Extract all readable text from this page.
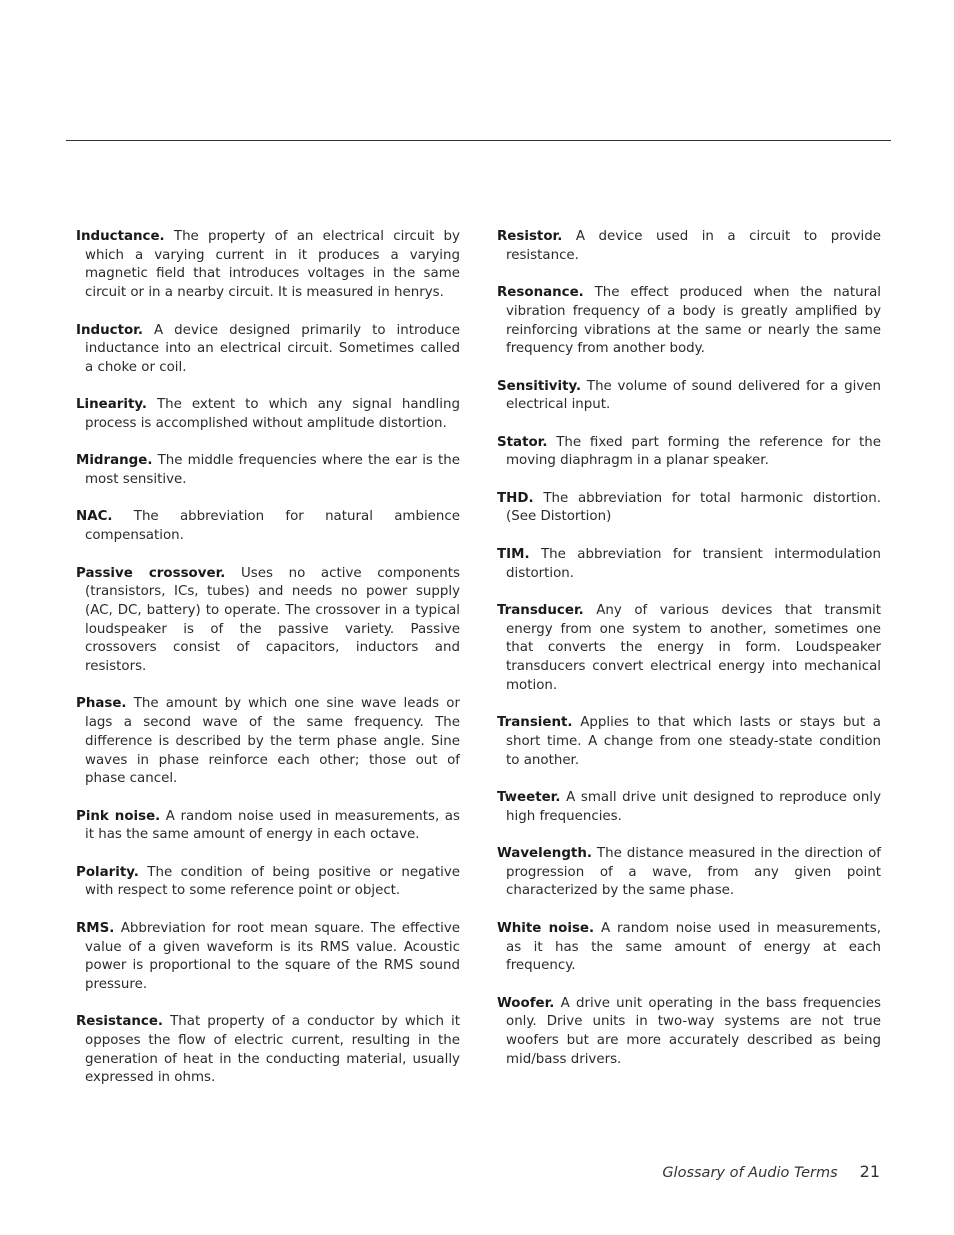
Inductance. The property of an electrical circuit by which a varying current in it produces a varying magnetic field that introduces voltages in the same circuit or in a nearby circuit. It is measured in henrys.

Inductor. A device designed primarily to introduce inductance into an electrical circuit. Sometimes called a choke or coil.

Linearity. The extent to which any signal handling process is accomplished without amplitude distortion.

Midrange. The middle frequencies where the ear is the most sensitive.

NAC. The abbreviation for natural ambience compensation.

Passive crossover. Uses no active components (transistors, ICs, tubes) and needs no power supply (AC, DC, battery) to operate. The crossover in a typical loudspeaker is of the passive variety. Passive crossovers consist of capacitors, inductors and resistors.

Phase. The amount by which one sine wave leads or lags a second wave of the same frequency. The difference is described by the term phase angle. Sine waves in phase reinforce each other; those out of phase cancel.

Pink noise. A random noise used in measurements, as it has the same amount of energy in each octave.

Polarity. The condition of being positive or negative with respect to some reference point or object.

RMS. Abbreviation for root mean square. The effective value of a given waveform is its RMS value. Acoustic power is proportional to the square of the RMS sound pressure.

Resistance. That property of a conductor by which it opposes the flow of electric current, resulting in the generation of heat in the conducting material, usually expressed in ohms.

Resistor. A device used in a circuit to provide resistance.

Resonance. The effect produced when the natural vibration frequency of a body is greatly amplified by reinforcing vibrations at the same or nearly the same frequency from another body.

Sensitivity. The volume of sound delivered for a given electrical input.

Stator. The fixed part forming the reference for the moving diaphragm in a planar speaker.

THD. The abbreviation for total harmonic distortion. (See Distortion)

TIM. The abbreviation for transient intermodulation distortion.

Transducer. Any of various devices that transmit energy from one system to another, sometimes one that converts the energy in form. Loudspeaker transducers convert electrical energy into mechanical motion.

Transient. Applies to that which lasts or stays but a short time. A change from one steady-state condition to another.

Tweeter. A small drive unit designed to reproduce only high frequencies.

Wavelength. The distance measured in the direction of progression of a wave, from any given point characterized by the same phase.

White noise. A random noise used in measurements, as it has the same amount of energy at each frequency.

Woofer. A drive unit operating in the bass frequencies only. Drive units in two-way systems are not true woofers but are more accurately described as being mid/bass drivers.

Glossary of Audio Terms 21
